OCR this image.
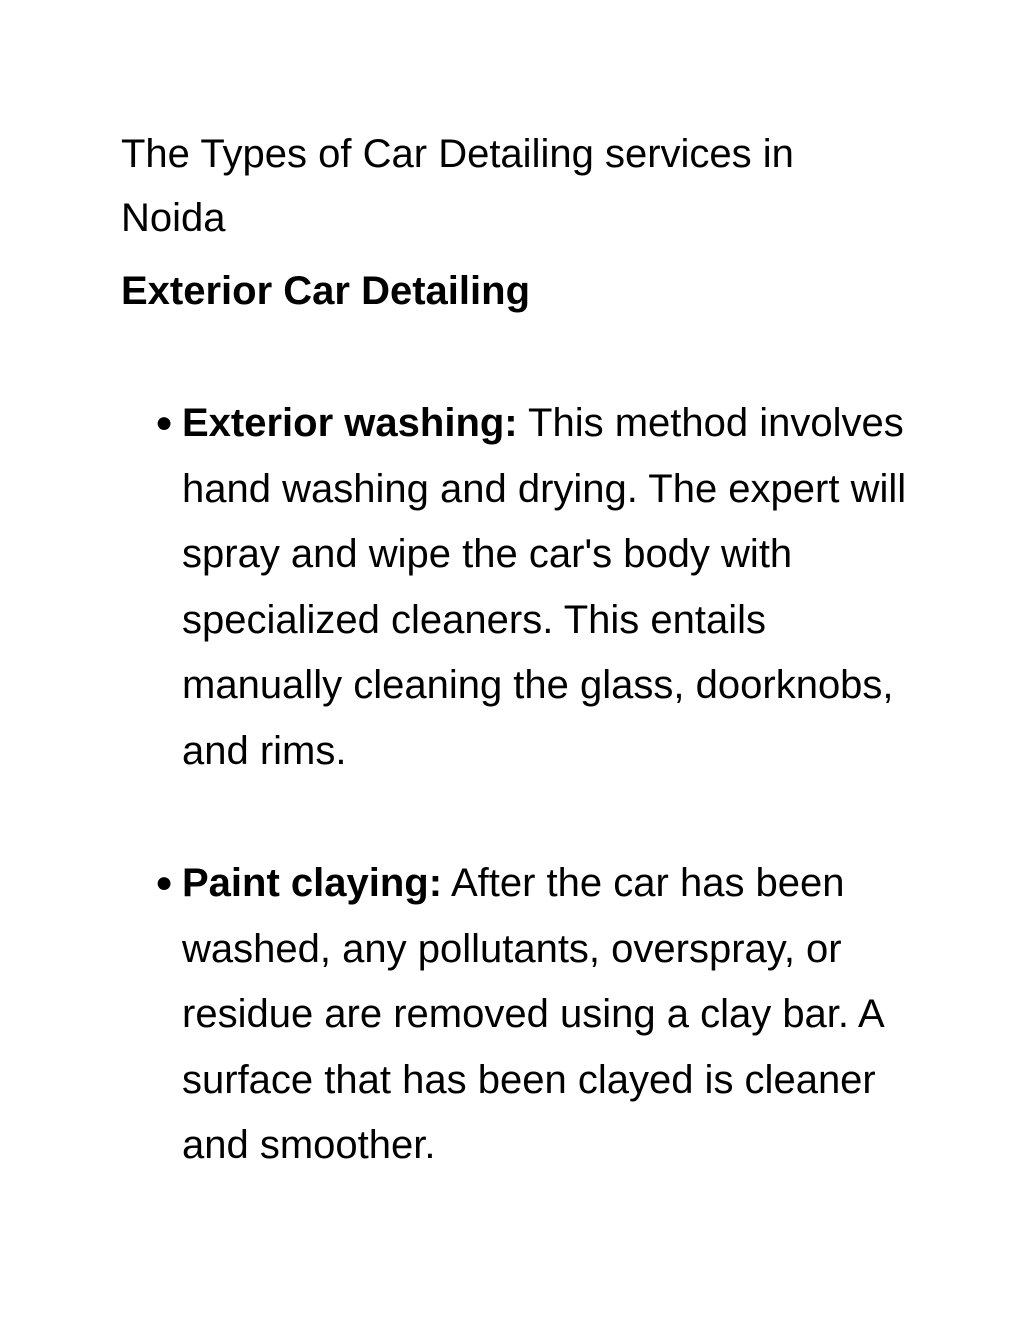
The Types of Car Detailing services in Noida
Exterior Car Detailing
● Exterior washing: This method involves hand washing and drying. The expert will spray and wipe the car's body with specialized cleaners. This entails manually cleaning the glass, doorknobs, and rims.
● Paint claying: After the car has been washed, any pollutants, overspray, or residue are removed using a clay bar. A surface that has been clayed is cleaner and smoother.
